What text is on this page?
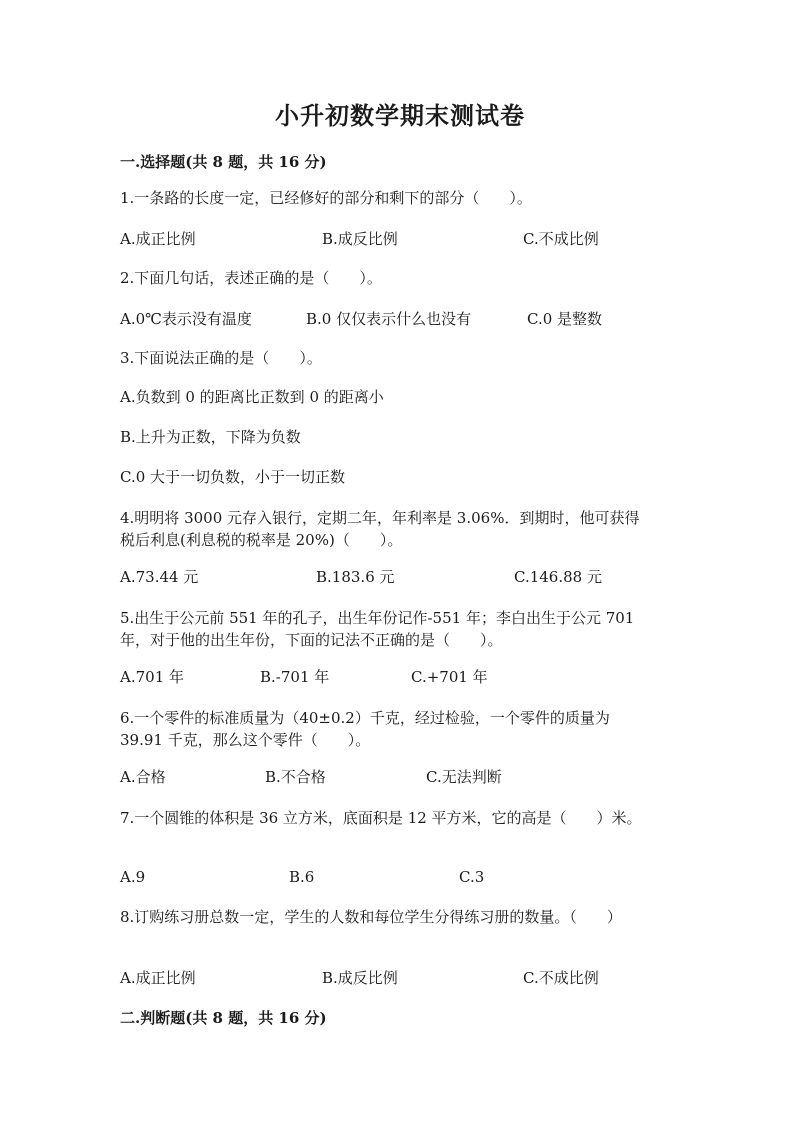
小升初数学期末测试卷
一.选择题(共 8 题，共 16 分)
1.一条路的长度一定，已经修好的部分和剩下的部分（　　）。
A.成正比例	B.成反比例	C.不成比例
2.下面几句话，表述正确的是（　　）。
A.0℃表示没有温度	B.0 仅仅表示什么也没有	C.0 是整数
3.下面说法正确的是（　　）。
A.负数到 0 的距离比正数到 0 的距离小
B.上升为正数，下降为负数
C.0 大于一切负数，小于一切正数
4.明明将 3000 元存入银行，定期二年，年利率是 3.06%．到期时，他可获得
税后利息(利息税的税率是 20%)（　　）。
A.73.44 元	B.183.6 元	C.146.88 元
5.出生于公元前 551 年的孔子，出生年份记作-551 年；李白出生于公元 701
年，对于他的出生年份，下面的记法不正确的是（　　）。
A.701 年	B.-701 年	C.+701 年
6.一个零件的标准质量为（40±0.2）千克，经过检验，一个零件的质量为
39.91 千克，那么这个零件（　　）。
A.合格	B.不合格	C.无法判断
7.一个圆锥的体积是 36 立方米，底面积是 12 平方米，它的高是（　　）米。
A.9	B.6	C.3
8.订购练习册总数一定，学生的人数和每位学生分得练习册的数量。（　　）
A.成正比例	B.成反比例	C.不成比例
二.判断题(共 8 题，共 16 分)
